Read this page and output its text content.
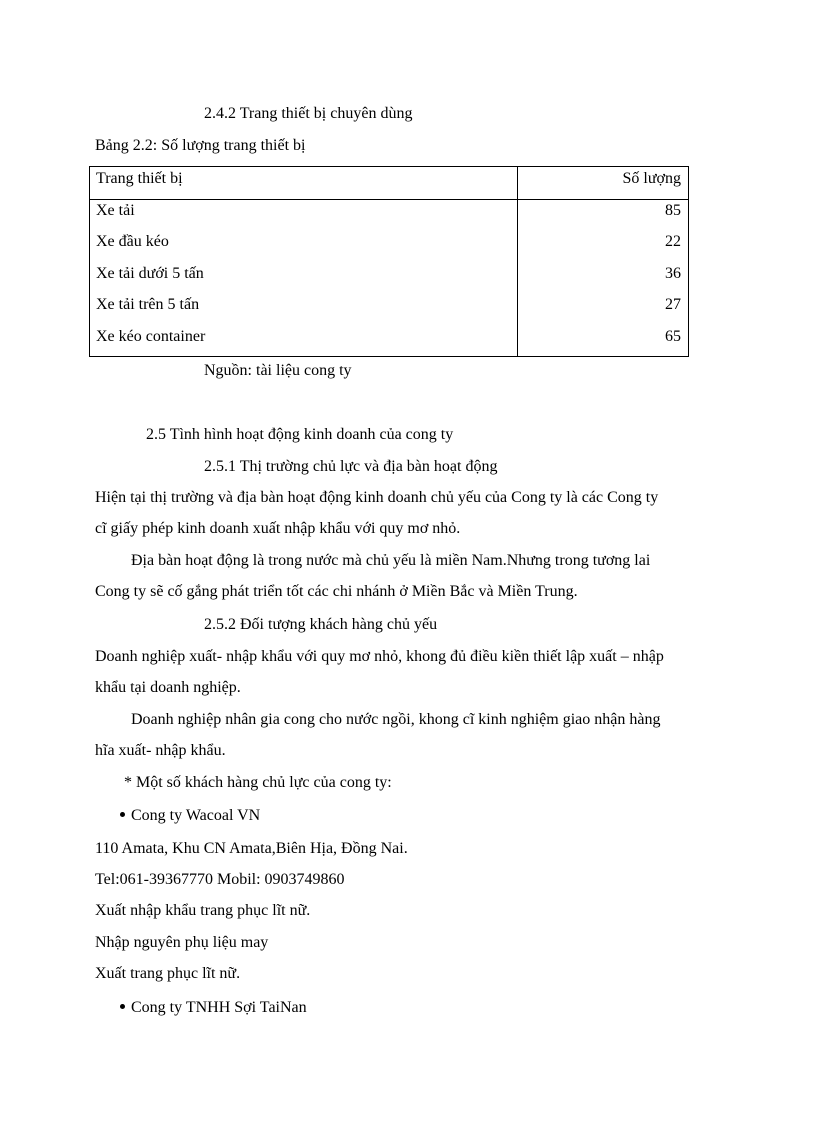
2.4.2 Trang thiết bị chuyên dùng
Bảng 2.2: Số lượng trang thiết bị
Trang thiết bị	Số lượng
Xe tải	85
Xe đầu kéo	22
Xe tải dưới 5 tấn	36
Xe tải trên 5 tấn	27
Xe kéo container	65
Nguồn: tài liệu cong ty
2.5 Tình hình hoạt động kinh doanh của cong ty
2.5.1 Thị trường chủ lực và địa bàn hoạt động
Hiện tại thị trường và địa bàn hoạt động kinh doanh chủ yếu của Cong ty là các Cong ty
cĩ giấy phép kinh doanh xuất nhập khẩu với quy mơ nhỏ.
Địa bàn hoạt động là trong nước mà chủ yếu là miền Nam.Nhưng trong tương lai
Cong ty sẽ cố gắng phát triển tốt các chi nhánh ở Miền Bắc và Miền Trung.
2.5.2 Đối tượng khách hàng chủ yếu
Doanh nghiệp xuất- nhập khẩu với quy mơ nhỏ, khong đủ điều kiền thiết lập xuất – nhập
khẩu tại doanh nghiệp.
Doanh nghiệp nhân gia cong cho nước ngồi, khong cĩ kinh nghiệm giao nhận hàng
hĩa xuất- nhập khẩu.
* Một số khách hàng chủ lực của cong ty:
Cong ty Wacoal VN
110 Amata, Khu CN Amata,Biên Hịa, Đồng Nai.
Tel:061-39367770 Mobil: 0903749860
Xuất nhập khẩu trang phục lĩt nữ.
Nhập nguyên phụ liệu may
Xuất trang phục lĩt nữ.
Cong ty TNHH Sợi TaiNan
